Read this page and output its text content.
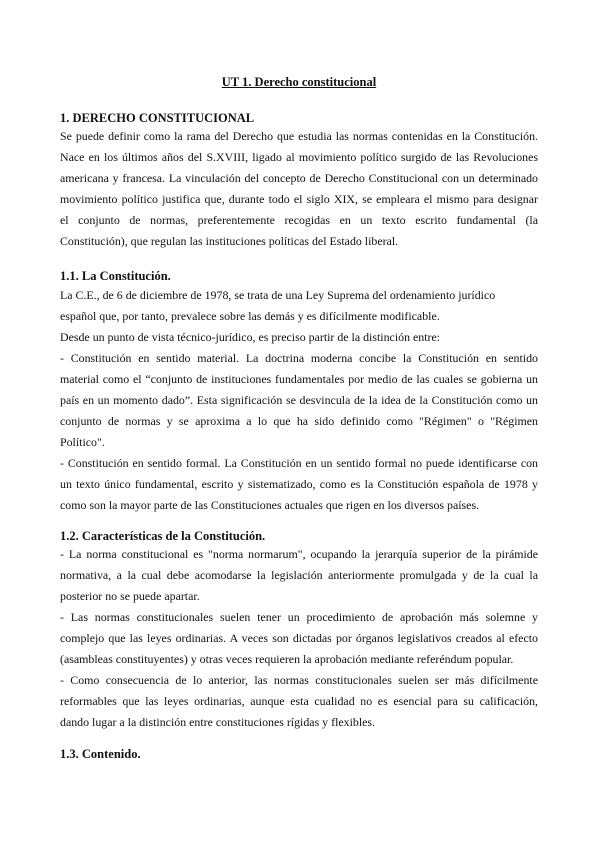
UT 1. Derecho constitucional
1. DERECHO CONSTITUCIONAL
Se puede definir como la rama del Derecho que estudia las normas contenidas en la Constitución.
Nace en los últimos años del S.XVIII, ligado al movimiento político surgido de las Revoluciones
americana y francesa. La vinculación del concepto de Derecho Constitucional con un determinado
movimiento político justifica que, durante todo el siglo XIX, se empleara el mismo para designar
el conjunto de normas, preferentemente recogidas en un texto escrito fundamental (la
Constitución), que regulan las instituciones políticas del Estado liberal.
1.1. La Constitución.
La C.E., de 6 de diciembre de 1978, se trata de una Ley Suprema del ordenamiento jurídico
español que, por tanto, prevalece sobre las demás y es difícilmente modificable.
Desde un punto de vista técnico-jurídico, es preciso partir de la distinción entre:
- Constitución en sentido material. La doctrina moderna concibe la Constitución en sentido
material como el “conjunto de instituciones fundamentales por medio de las cuales se gobierna un
país en un momento dado”. Esta significación se desvincula de la idea de la Constitución como un
conjunto de normas y se aproxima a lo que ha sido definido como "Régimen" o "Régimen
Político".
- Constitución en sentido formal. La Constitución en un sentido formal no puede identificarse con
un texto único fundamental, escrito y sistematizado, como es la Constitución española de 1978 y
como son la mayor parte de las Constituciones actuales que rigen en los diversos países.
1.2. Características de la Constitución.
- La norma constitucional es "norma normarum", ocupando la jerarquía superior de la pirámide
normativa, a la cual debe acomodarse la legislación anteriormente promulgada y de la cual la
posterior no se puede apartar.
- Las normas constitucionales suelen tener un procedimiento de aprobación más solemne y
complejo que las leyes ordinarias. A veces son dictadas por órganos legislativos creados al efecto
(asambleas constituyentes) y otras veces requieren la aprobación mediante referéndum popular.
- Como consecuencia de lo anterior, las normas constitucionales suelen ser más difícilmente
reformables que las leyes ordinarias, aunque esta cualidad no es esencial para su calificación,
dando lugar a la distinción entre constituciones rígidas y flexibles.
1.3. Contenido.
